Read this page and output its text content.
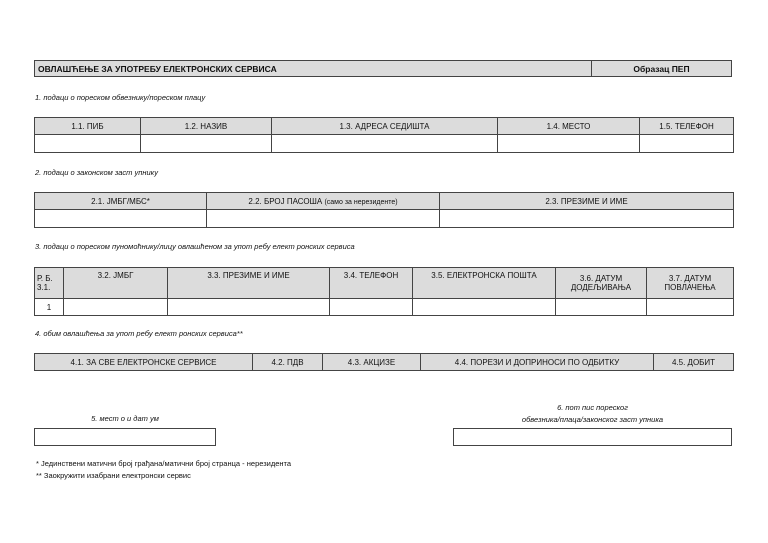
ОВЛАШЋЕЊЕ ЗА УПОТРЕБУ ЕЛЕКТРОНСКИХ СЕРВИСА	Образац ПЕП
1. подаци о пореском обвезнику/пореском плацу
1.1. ПИБ	1.2. НАЗИВ	1.3. АДРЕСА СЕДИШТА	1.4. МЕСТО	1.5. ТЕЛЕФОН

2. подаци о законском заст упнику
2.1. ЈМБГ/МБС*	2.2. БРОЈ ПАСОША (само за нерезиденте)	2.3. ПРЕЗИМЕ И ИМЕ

3. подаци о пореском пуномоћнику/лицу овлашћеном за упот ребу елект ронских сервиса
Р. Б. 3.1.	3.2. ЈМБГ	3.3. ПРЕЗИМЕ И ИМЕ	3.4. ТЕЛЕФОН	3.5. ЕЛЕКТРОНСКА ПОШТА	3.6. ДАТУМ ДОДЕЉИВАЊА	3.7. ДАТУМ ПОВЛАЧЕЊА
1						
4. обим овлашћења за упот ребу елект ронских сервиса**
4.1. ЗА СВЕ ЕЛЕКТРОНСКЕ СЕРВИСЕ	4.2. ПДВ	4.3. АКЦИЗЕ	4.4. ПОРЕЗИ И ДОПРИНОСИ ПО ОДБИТКУ	4.5. ДОБИТ
5. мест о и дат ум
6. пот пис пореског
обвезника/плаца/законског заст упника
* Јединствени матични број грађана/матични број странца - нерезидента
** Заокружити изабрани електронски сервис
